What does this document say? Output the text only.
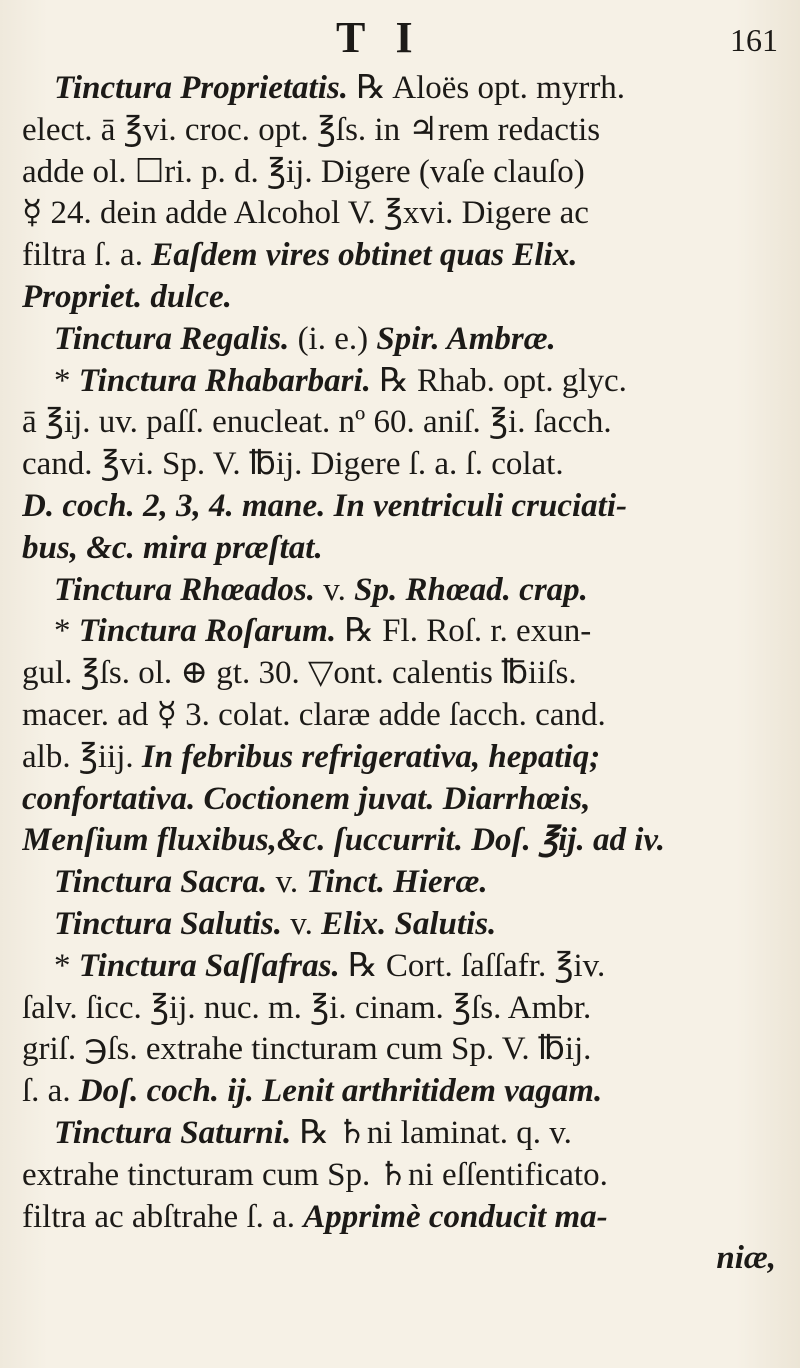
T I	161
Tinctura Proprietatis. ℞ Aloës opt. myrrh.
elect. ā ℥vi. croc. opt. ℥ſs. in ♃rem redactis
adde ol. ☐ri. p. d. ℥ij. Digere (vaſe clauſo)
☿ 24. dein adde Alcohol V. ℥xvi. Digere ac
filtra ſ. a. Eaſdem vires obtinet quas Elix.
Propriet. dulce.
Tinctura Regalis. (i. e.) Spir. Ambræ.
* Tinctura Rhabarbari. ℞ Rhab. opt. glyc.
ā ℥ij. uv. paſſ. enucleat. nº 60. aniſ. ℥i. ſacch.
cand. ℥vi. Sp. V. ℔ij. Digere ſ. a. ſ. colat.
D. coch. 2, 3, 4. mane. In ventriculi cruciati-
bus, &c. mira præſtat.
Tinctura Rhœados. v. Sp. Rhœad. crap.
* Tinctura Roſarum. ℞ Fl. Roſ. r. exun-
gul. ℥ſs. ol. ⊕ gt. 30. ▽ont. calentis ℔iiſs.
macer. ad ☿ 3. colat. claræ adde ſacch. cand.
alb. ℥iij. In febribus refrigerativa, hepatiq;
confortativa. Coctionem juvat. Diarrhœis,
Menſium fluxibus,&c. ſuccurrit. Doſ. ℥ij. ad iv.
Tinctura Sacra. v. Tinct. Hieræ.
Tinctura Salutis. v. Elix. Salutis.
* Tinctura Saſſafras. ℞ Cort. ſaſſafr. ℥iv.
ſalv. ſicc. ℥ij. nuc. m. ℥i. cinam. ℥ſs. Ambr.
griſ. ℈ſs. extrahe tincturam cum Sp. V. ℔ij.
ſ. a. Doſ. coch. ij. Lenit arthritidem vagam.
Tinctura Saturni. ℞ ♄ni laminat. q. v.
extrahe tincturam cum Sp. ♄ni eſſentificato.
filtra ac abſtrahe ſ. a. Apprimè conducit ma-
niæ,
